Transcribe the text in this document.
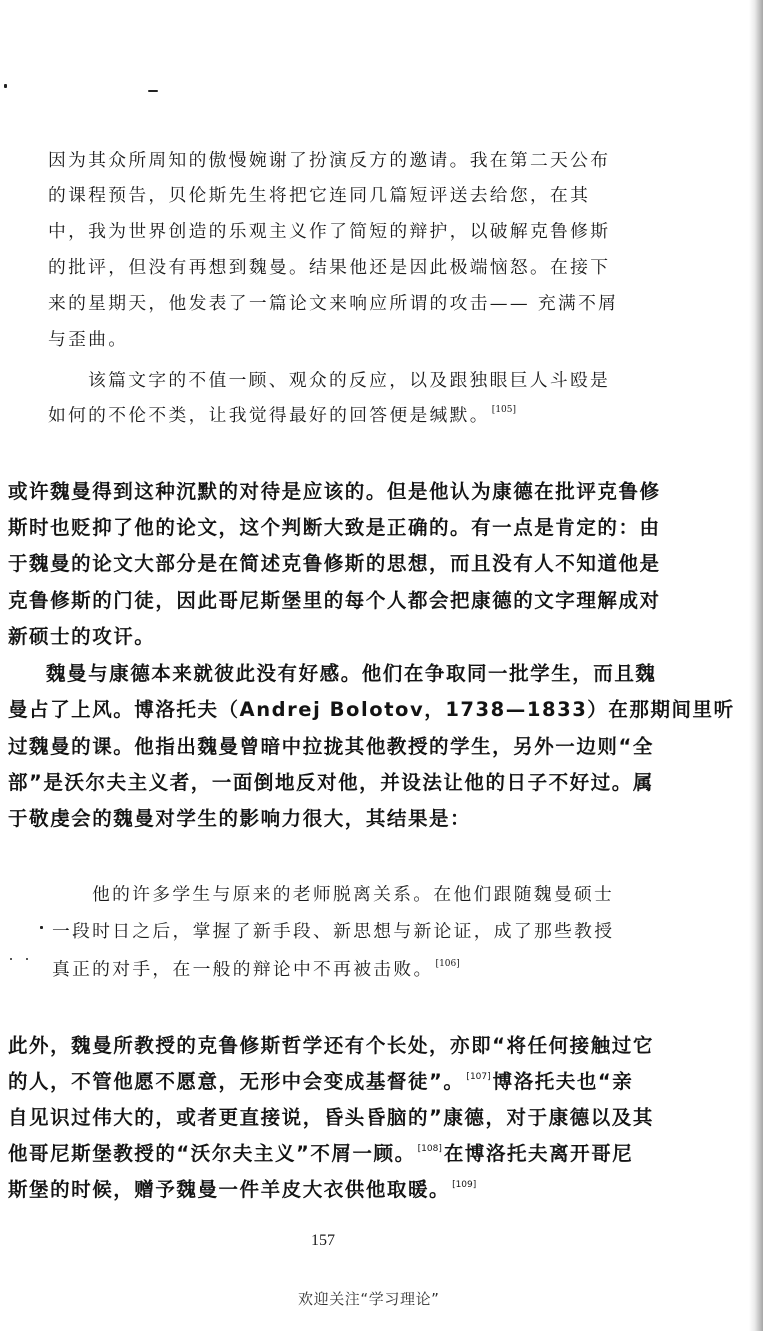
因为其众所周知的傲慢婉谢了扮演反方的邀请。我在第二天公布
的课程预告，贝伦斯先生将把它连同几篇短评送去给您，在其
中，我为世界创造的乐观主义作了简短的辩护，以破解克鲁修斯
的批评，但没有再想到魏曼。结果他还是因此极端恼怒。在接下
来的星期天，他发表了一篇论文来响应所谓的攻击—— 充满不屑
与歪曲。
该篇文字的不值一顾、观众的反应，以及跟独眼巨人斗殴是
如何的不伦不类，让我觉得最好的回答便是缄默。 [105]
或许魏曼得到这种沉默的对待是应该的。但是他认为康德在批评克鲁修
斯时也贬抑了他的论文，这个判断大致是正确的。有一点是肯定的：由
于魏曼的论文大部分是在简述克鲁修斯的思想，而且没有人不知道他是
克鲁修斯的门徒，因此哥尼斯堡里的每个人都会把康德的文字理解成对
新硕士的攻讦。
魏曼与康德本来就彼此没有好感。他们在争取同一批学生，而且魏
曼占了上风。博洛托夫（Andrej Bolotov，1738—1833）在那期间里听
过魏曼的课。他指出魏曼曾暗中拉拢其他教授的学生，另外一边则“全
部”是沃尔夫主义者，一面倒地反对他，并设法让他的日子不好过。属
于敬虔会的魏曼对学生的影响力很大，其结果是：
他的许多学生与原来的老师脱离关系。在他们跟随魏曼硕士
一段时日之后，掌握了新手段、新思想与新论证，成了那些教授
真正的对手，在一般的辩论中不再被击败。 [106]
此外，魏曼所教授的克鲁修斯哲学还有个长处，亦即“将任何接触过它
的人，不管他愿不愿意，无形中会变成基督徒”。 [107] 博洛托夫也“亲
自见识过伟大的，或者更直接说，昏头昏脑的”康德，对于康德以及其
他哥尼斯堡教授的“沃尔夫主义”不屑一顾。 [108] 在博洛托夫离开哥尼
斯堡的时候，赠予魏曼一件羊皮大衣供他取暖。 [109]
157
欢迎关注“学习理论”
